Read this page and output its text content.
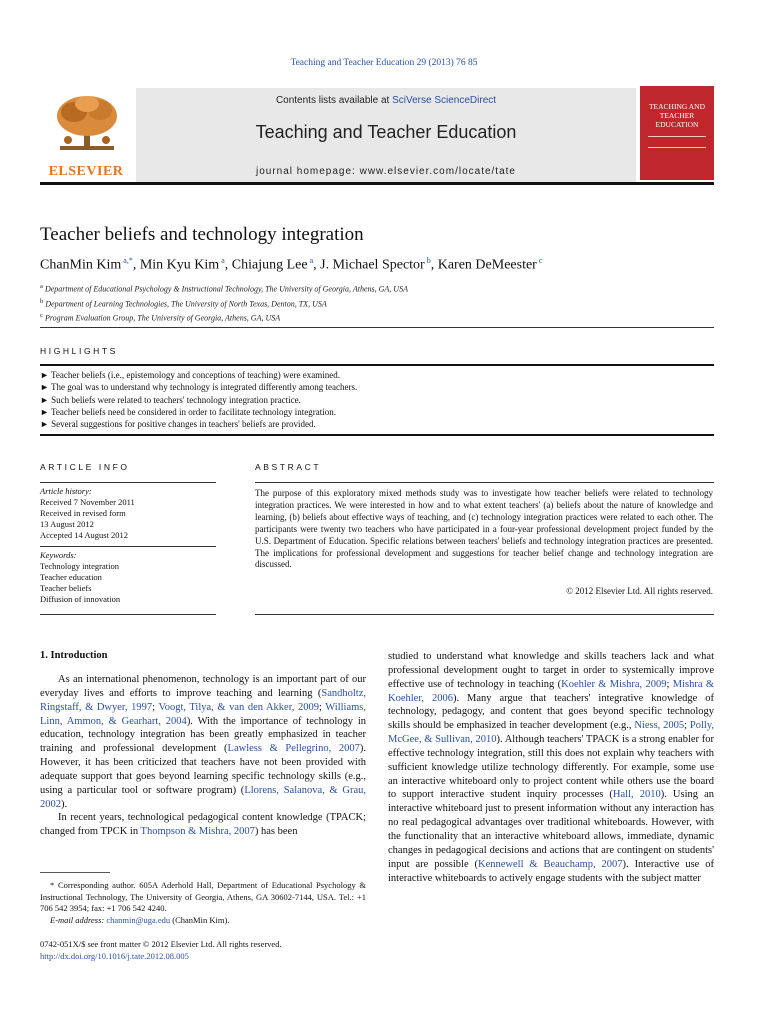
Teaching and Teacher Education 29 (2013) 76 85
ELSEVIER
Contents lists available at SciVerse ScienceDirect
Teaching and Teacher Education
journal homepage: www.elsevier.com/locate/tate
TEACHING AND TEACHER EDUCATION
Teacher beliefs and technology integration
ChanMin Kim $^{a,*}$, Min Kyu Kim $^a$, Chiajung Lee $^a$, J. Michael Spector $^b$, Karen DeMeester $^c$
$^a$ Department of Educational Psychology & Instructional Technology, The University of Georgia, Athens, GA, USA
$^b$ Department of Learning Technologies, The University of North Texas, Denton, TX, USA
$^c$ Program Evaluation Group, The University of Georgia, Athens, GA, USA
HIGHLIGHTS
► Teacher beliefs (i.e., epistemology and conceptions of teaching) were examined.
► The goal was to understand why technology is integrated differently among teachers.
► Such beliefs were related to teachers' technology integration practice.
► Teacher beliefs need be considered in order to facilitate technology integration.
► Several suggestions for positive changes in teachers' beliefs are provided.
ARTICLE INFO	ABSTRACT
Article history:
Received 7 November 2011
Received in revised form
13 August 2012
Accepted 14 August 2012
Keywords:
Technology integration
Teacher education
Teacher beliefs
Diffusion of innovation
The purpose of this exploratory mixed methods study was to investigate how teacher beliefs were related to technology integration practices. We were interested in how and to what extent teachers' (a) beliefs about the nature of knowledge and learning, (b) beliefs about effective ways of teaching, and (c) technology integration practices were related to each other. The participants were twenty two teachers who have participated in a four-year professional development project funded by the U.S. Department of Education. Specific relations between teachers' beliefs and technology integration practices are presented. The implications for professional development and suggestions for teacher belief change and technology integration are discussed.
© 2012 Elsevier Ltd. All rights reserved.
1. Introduction

As an international phenomenon, technology is an important part of our everyday lives and efforts to improve teaching and learning (Sandholtz, Ringstaff, & Dwyer, 1997; Voogt, Tilya, & van den Akker, 2009; Williams, Linn, Ammon, & Gearhart, 2004). With the importance of technology in education, technology integration has been greatly emphasized in teacher training and professional development (Lawless & Pellegrino, 2007). However, it has been criticized that teachers have not been provided with adequate support that goes beyond learning specific technology skills (e.g., using a particular tool or software program) (Llorens, Salanova, & Grau, 2002).

In recent years, technological pedagogical content knowledge (TPACK; changed from TPCK in Thompson & Mishra, 2007) has been

studied to understand what knowledge and skills teachers lack and what professional development ought to target in order to systemically improve effective use of technology in teaching (Koehler & Mishra, 2009; Mishra & Koehler, 2006). Many argue that teachers' integrative knowledge of technology, pedagogy, and content that goes beyond specific technology skills should be emphasized in teacher development (e.g., Niess, 2005; Polly, McGee, & Sullivan, 2010). Although teachers' TPACK is a strong enabler for effective technology integration, still this does not explain why teachers with sufficient knowledge utilize technology differently. For example, some use an interactive whiteboard only to project content while others use the board to support interactive student inquiry processes (Hall, 2010). Using an interactive whiteboard just to present information without any interaction has no real pedagogical advantages over traditional whiteboards. However, with the functionality that an interactive whiteboard allows, immediate, dynamic changes in pedagogical decisions and actions that are contingent on students' input are possible (Kennewell & Beauchamp, 2007). Interactive use of interactive whiteboards to actively engage students with the subject matter

* Corresponding author. 605A Aderhold Hall, Department of Educational Psychology & Instructional Technology, The University of Georgia, Athens, GA 30602-7144, USA. Tel.: +1 706 542 3954; fax: +1 706 542 4240.
E-mail address: chanmin@uga.edu (ChanMin Kim).
0742-051X/$ see front matter © 2012 Elsevier Ltd. All rights reserved.
http://dx.doi.org/10.1016/j.tate.2012.08.005
